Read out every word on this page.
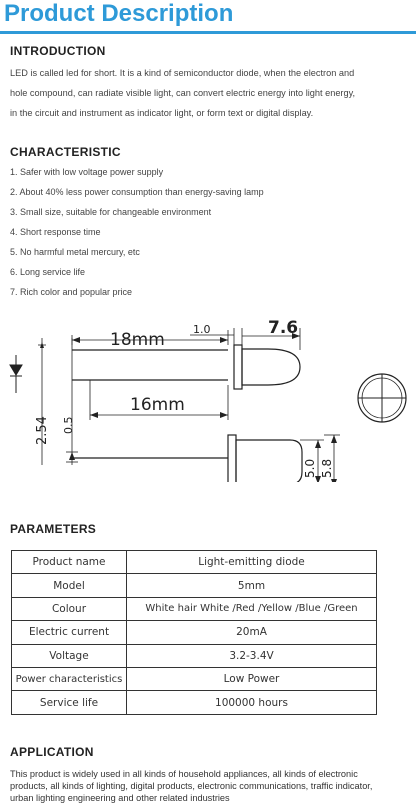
Product Description
INTRODUCTION
LED is called led for short. It is a kind of semiconductor diode, when the electron and
hole compound, can radiate visible light, can convert electric energy into light energy,
in the circuit and instrument as indicator light, or form text or digital display.
CHARACTERISTIC
1. Safer with low voltage power supply
2. About 40% less power consumption than energy-saving lamp
3. Small size, suitable for changeable environment
4. Short response time
5. No harmful metal mercury, etc
6. Long service life
7. Rich color and popular price
18mm
1.0	7.6
16mm
2.54 0.5
5.0 5.8
PARAMETERS
Product name	Light-emitting diode
Model	5mm
Colour	White hair White /Red /Yellow /Blue /Green
Electric current	20mA
Voltage	3.2-3.4V
Power characteristics	Low Power
Service life	100000 hours
APPLICATION
This product is widely used in all kinds of household appliances, all kinds of electronic
products, all kinds of lighting, digital products, electronic communications, traffic indicator,
urban lighting engineering and other related industries
